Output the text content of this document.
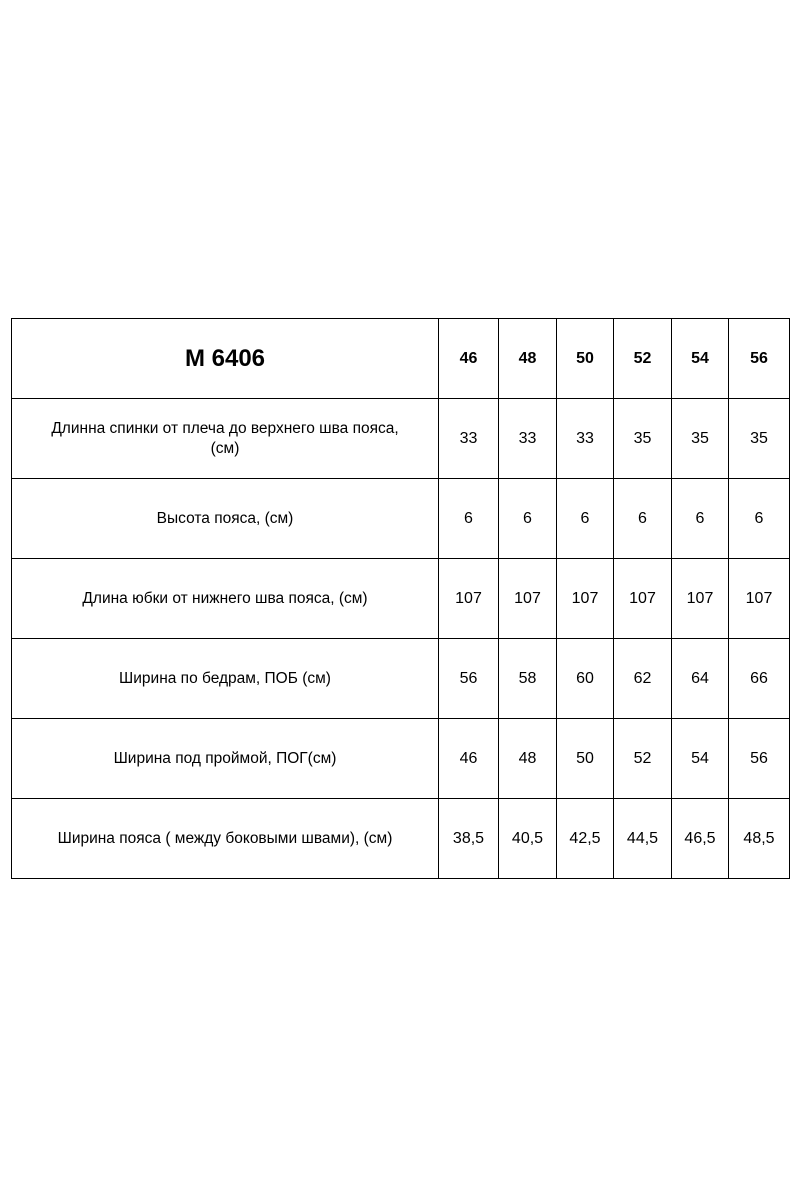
М 6406	46	48	50	52	54	56
Длинна спинки от плеча до верхнего шва пояса,
(см)	33	33	33	35	35	35
Высота пояса, (см)	6	6	6	6	6	6
Длина юбки от нижнего шва пояса, (см)	107	107	107	107	107	107
Ширина по бедрам, ПОБ (см)	56	58	60	62	64	66
Ширина под проймой, ПОГ(см)	46	48	50	52	54	56
Ширина пояса ( между боковыми швами), (см)	38,5	40,5	42,5	44,5	46,5	48,5
